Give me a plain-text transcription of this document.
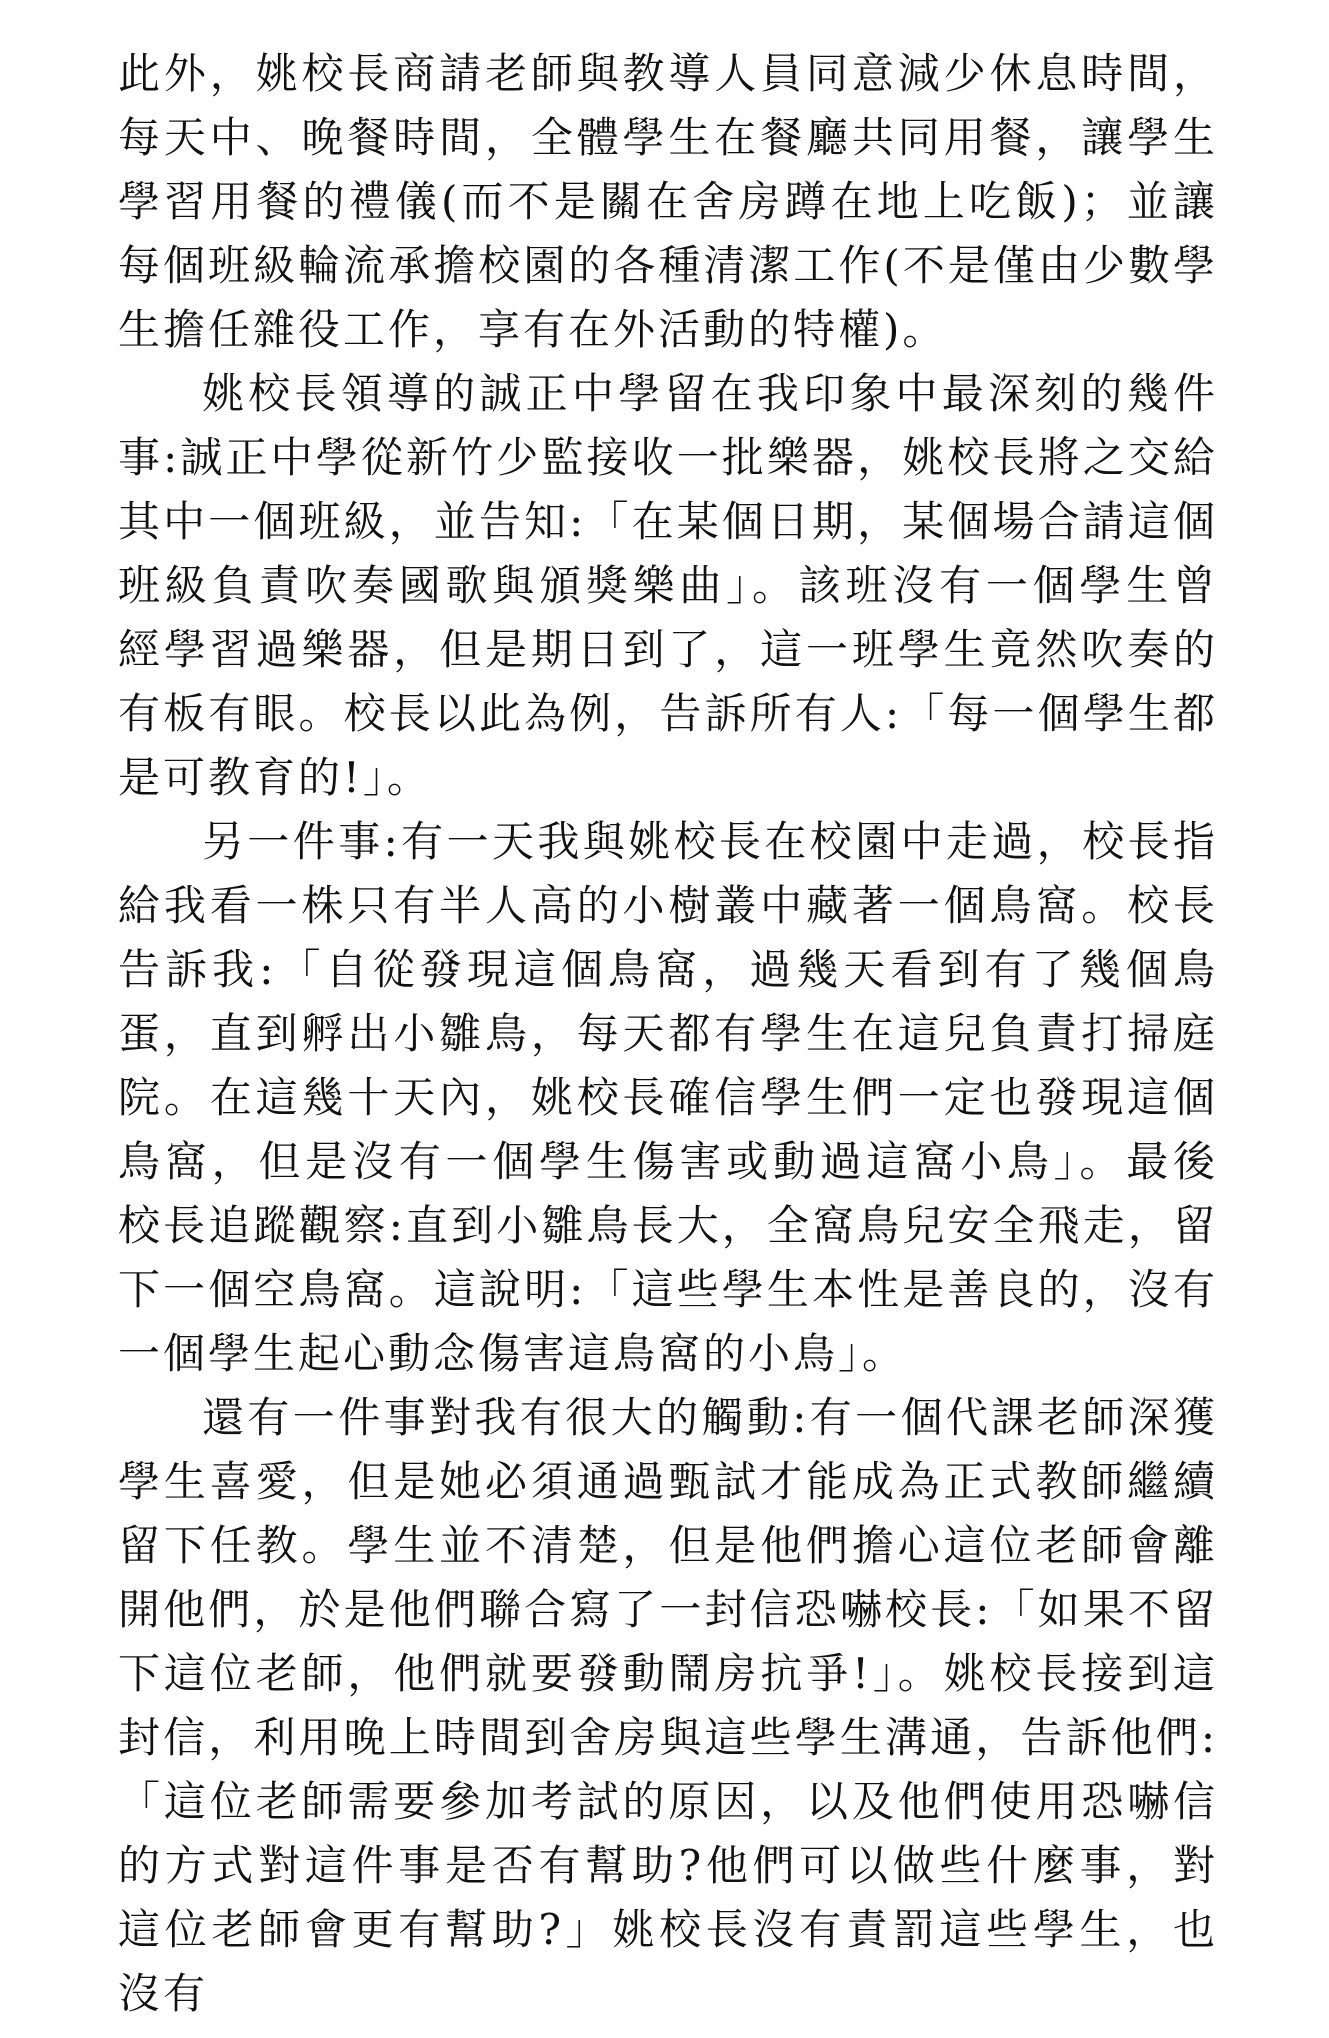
此外，姚校長商請老師與教導人員同意減少休息時間，每天中、晚餐時間，全體學生在餐廳共同用餐，讓學生學習用餐的禮儀(而不是關在舍房蹲在地上吃飯)；並讓每個班級輪流承擔校園的各種清潔工作(不是僅由少數學生擔任雜役工作，享有在外活動的特權)。

姚校長領導的誠正中學留在我印象中最深刻的幾件事:誠正中學從新竹少監接收一批樂器，姚校長將之交給其中一個班級，並告知:「在某個日期，某個場合請這個班級負責吹奏國歌與頒獎樂曲」。該班沒有一個學生曾經學習過樂器，但是期日到了，這一班學生竟然吹奏的有板有眼。校長以此為例，告訴所有人:「每一個學生都是可教育的!」。

另一件事:有一天我與姚校長在校園中走過，校長指給我看一株只有半人高的小樹叢中藏著一個鳥窩。校長告訴我:「自從發現這個鳥窩，過幾天看到有了幾個鳥蛋，直到孵出小雛鳥，每天都有學生在這兒負責打掃庭院。在這幾十天內，姚校長確信學生們一定也發現這個鳥窩，但是沒有一個學生傷害或動過這窩小鳥」。最後校長追蹤觀察:直到小雛鳥長大，全窩鳥兒安全飛走，留下一個空鳥窩。這說明:「這些學生本性是善良的，沒有一個學生起心動念傷害這鳥窩的小鳥」。

還有一件事對我有很大的觸動:有一個代課老師深獲學生喜愛，但是她必須通過甄試才能成為正式教師繼續留下任教。學生並不清楚，但是他們擔心這位老師會離開他們，於是他們聯合寫了一封信恐嚇校長:「如果不留下這位老師，他們就要發動鬧房抗爭!」。姚校長接到這封信，利用晚上時間到舍房與這些學生溝通，告訴他們:「這位老師需要參加考試的原因，以及他們使用恐嚇信的方式對這件事是否有幫助?他們可以做些什麼事，對這位老師會更有幫助?」姚校長沒有責罰這些學生，也沒有
